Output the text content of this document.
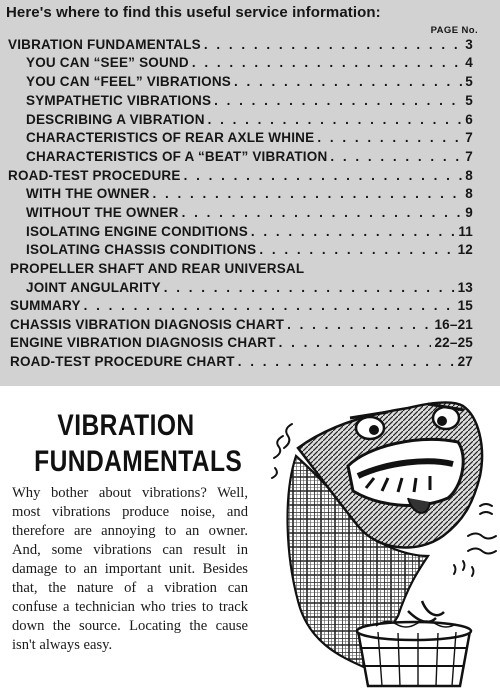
Here's where to find this useful service information:
PAGE No.
VIBRATION FUNDAMENTALS . . .	3
YOU CAN “SEE” SOUND . . .	4
YOU CAN “FEEL” VIBRATIONS . . .	5
SYMPATHETIC VIBRATIONS . . .	5
DESCRIBING A VIBRATION . . .	6
CHARACTERISTICS OF REAR AXLE WHINE . . .	7
CHARACTERISTICS OF A “BEAT” VIBRATION . . .	7
ROAD-TEST PROCEDURE . . .	8
WITH THE OWNER . . .	8
WITHOUT THE OWNER . . .	9
ISOLATING ENGINE CONDITIONS . . .	11
ISOLATING CHASSIS CONDITIONS . . .	12
PROPELLER SHAFT AND REAR UNIVERSAL
JOINT ANGULARITY . . .	13
SUMMARY . . .	15
CHASSIS VIBRATION DIAGNOSIS CHART . . .	16–21
ENGINE VIBRATION DIAGNOSIS CHART . . .	22–25
ROAD-TEST PROCEDURE CHART . . .	27
VIBRATION
FUNDAMENTALS
Why bother about vibrations? Well, most vibrations produce noise, and therefore are annoying to an owner. And, some vibrations can result in damage to an important unit. Besides that, the nature of a vibration can confuse a technician who tries to track down the source. Locating the cause isn't always easy.
